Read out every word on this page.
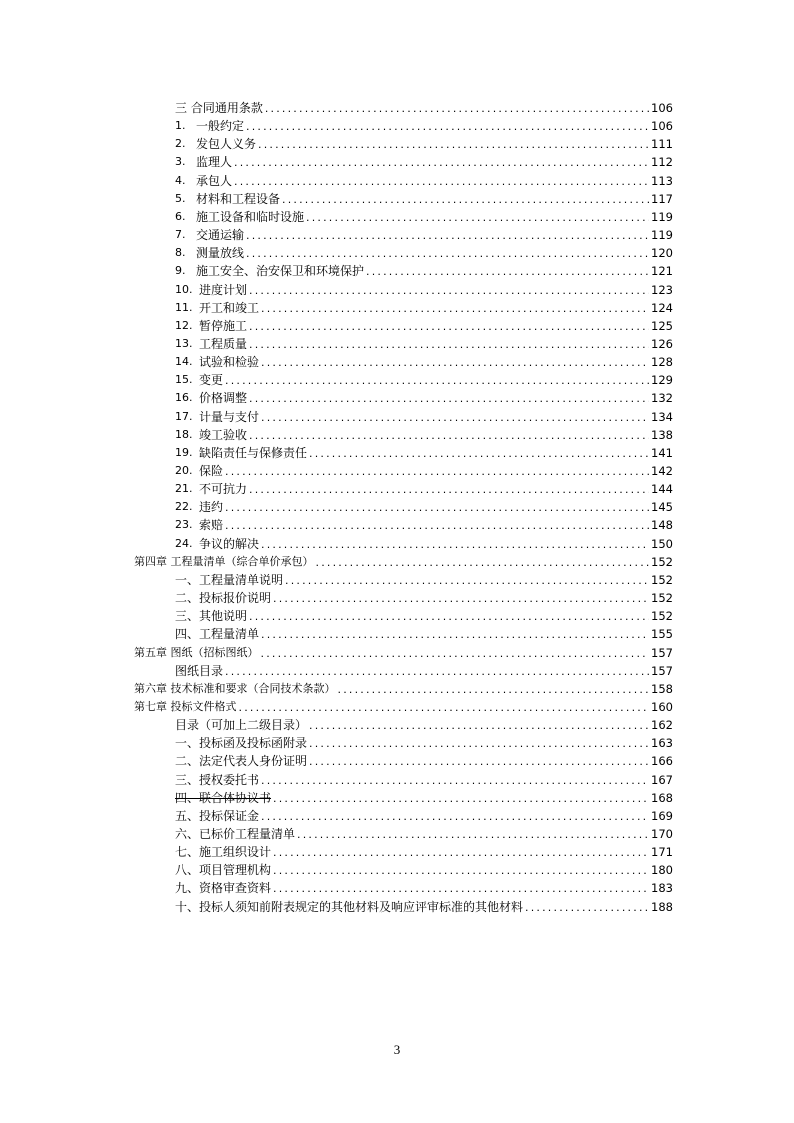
三 合同通用条款 .....	106
1. 一般约定 .....	106
2. 发包人义务 .....	111
3. 监理人 .....	112
4. 承包人 .....	113
5. 材料和工程设备 .....	117
6. 施工设备和临时设施 .....	119
7. 交通运输 .....	119
8. 测量放线 .....	120
9. 施工安全、治安保卫和环境保护 .....	121
10. 进度计划 .....	123
11. 开工和竣工 .....	124
12. 暂停施工 .....	125
13. 工程质量 .....	126
14. 试验和检验 .....	128
15. 变更 .....	129
16. 价格调整 .....	132
17. 计量与支付 .....	134
18. 竣工验收 .....	138
19. 缺陷责任与保修责任 .....	141
20. 保险 .....	142
21. 不可抗力 .....	144
22. 违约 .....	145
23. 索赔 .....	148
24. 争议的解决 .....	150
第四章 工程量清单（综合单价承包） .....	152
一、工程量清单说明 .....	152
二、投标报价说明 .....	152
三、其他说明 .....	152
四、工程量清单 .....	155
第五章 图纸（招标图纸） .....	157
图纸目录 .....	157
第六章 技术标准和要求（合同技术条款） .....	158
第七章 投标文件格式 .....	160
目录（可加上二级目录） .....	162
一、投标函及投标函附录 .....	163
二、法定代表人身份证明 .....	166
三、授权委托书 .....	167
四、联合体协议书 .....	168
五、投标保证金 .....	169
六、已标价工程量清单 .....	170
七、施工组织设计 .....	171
八、项目管理机构 .....	180
九、资格审查资料 .....	183
十、投标人须知前附表规定的其他材料及响应评审标准的其他材料 .....	188
3
